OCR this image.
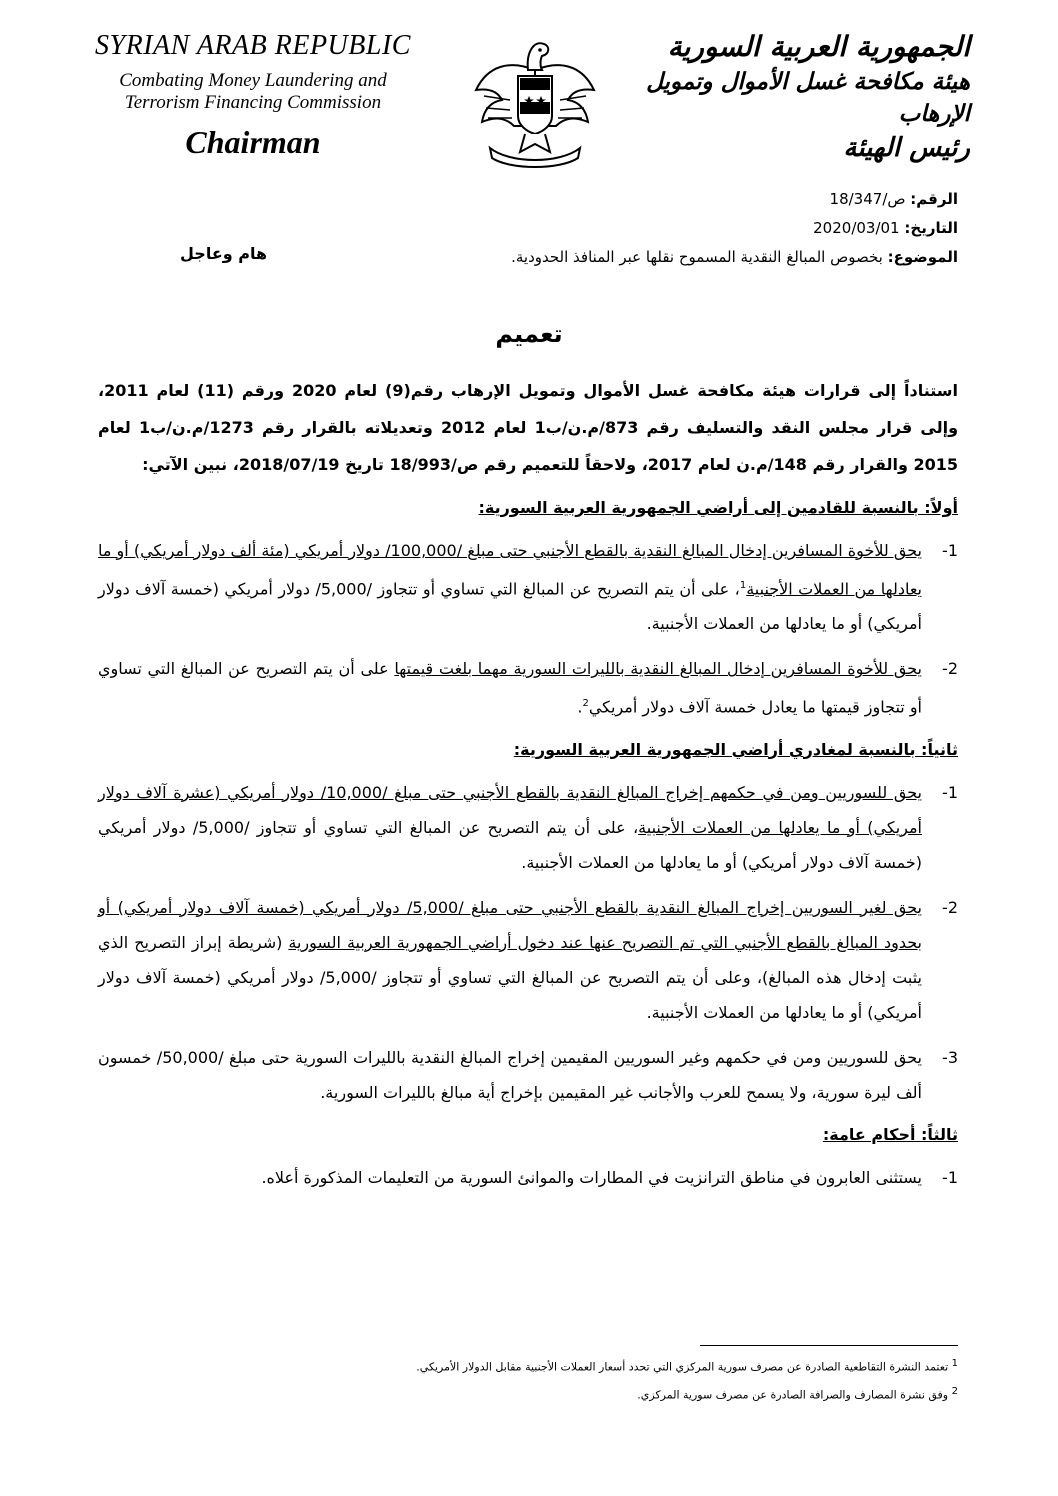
SYRIAN ARAB REPUBLIC
Combating Money Laundering and Terrorism Financing Commission
Chairman
الجمهورية العربية السورية
هيئة مكافحة غسل الأموال وتمويل الإرهاب
رئيس الهيئة
الرقم: ص/18/347
التاريخ: 2020/03/01
الموضوع: بخصوص المبالغ النقدية المسموح نقلها عبر المنافذ الحدودية.
هام وعاجل
تعميم

استناداً إلى قرارات هيئة مكافحة غسل الأموال وتمويل الإرهاب رقم(9) لعام 2020 ورقم (11) لعام 2011، وإلى قرار مجلس النقد والتسليف رقم 873/م.ن/ب1 لعام 2012 وتعديلاته بالقرار رقم 1273/م.ن/ب1 لعام 2015 والقرار رقم 148/م.ن لعام 2017، ولاحقاً للتعميم رقم ص/18/993 تاريخ 2018/07/19، نبين الآتي:

أولاً: بالنسبة للقادمين إلى أراضي الجمهورية العربية السورية:
1-
يحق للأخوة المسافرين إدخال المبالغ النقدية بالقطع الأجنبي حتى مبلغ /100,000/ دولار أمريكي (مئة ألف دولار أمريكي) أو ما يعادلها من العملات الأجنبية$^1$، على أن يتم التصريح عن المبالغ التي تساوي أو تتجاوز /5,000/ دولار أمريكي (خمسة آلاف دولار أمريكي) أو ما يعادلها من العملات الأجنبية.
2-
يحق للأخوة المسافرين إدخال المبالغ النقدية بالليرات السورية مهما بلغت قيمتها على أن يتم التصريح عن المبالغ التي تساوي أو تتجاوز قيمتها ما يعادل خمسة آلاف دولار أمريكي$^2$.
ثانياً: بالنسبة لمغادري أراضي الجمهورية العربية السورية:
1-
يحق للسوريين ومن في حكمهم إخراج المبالغ النقدية بالقطع الأجنبي حتى مبلغ /10,000/ دولار أمريكي (عشرة آلاف دولار أمريكي) أو ما يعادلها من العملات الأجنبية، على أن يتم التصريح عن المبالغ التي تساوي أو تتجاوز /5,000/ دولار أمريكي (خمسة آلاف دولار أمريكي) أو ما يعادلها من العملات الأجنبية.
2-
يحق لغير السوريين إخراج المبالغ النقدية بالقطع الأجنبي حتى مبلغ /5,000/ دولار أمريكي (خمسة آلاف دولار أمريكي) أو بحدود المبالغ بالقطع الأجنبي التي تم التصريح عنها عند دخول أراضي الجمهورية العربية السورية (شريطة إبراز التصريح الذي يثبت إدخال هذه المبالغ)، وعلى أن يتم التصريح عن المبالغ التي تساوي أو تتجاوز /5,000/ دولار أمريكي (خمسة آلاف دولار أمريكي) أو ما يعادلها من العملات الأجنبية.
3-
يحق للسوريين ومن في حكمهم وغير السوريين المقيمين إخراج المبالغ النقدية بالليرات السورية حتى مبلغ /50,000/ خمسون ألف ليرة سورية، ولا يسمح للعرب والأجانب غير المقيمين بإخراج أية مبالغ بالليرات السورية.
ثالثاً: أحكام عامة:
1-
يستثنى العابرون في مناطق الترانزيت في المطارات والموانئ السورية من التعليمات المذكورة أعلاه.
$^1$ تعتمد النشرة التقاطعية الصادرة عن مصرف سورية المركزي التي تحدد أسعار العملات الأجنبية مقابل الدولار الأمريكي.
$^2$ وفق نشرة المصارف والصرافة الصادرة عن مصرف سورية المركزي.
